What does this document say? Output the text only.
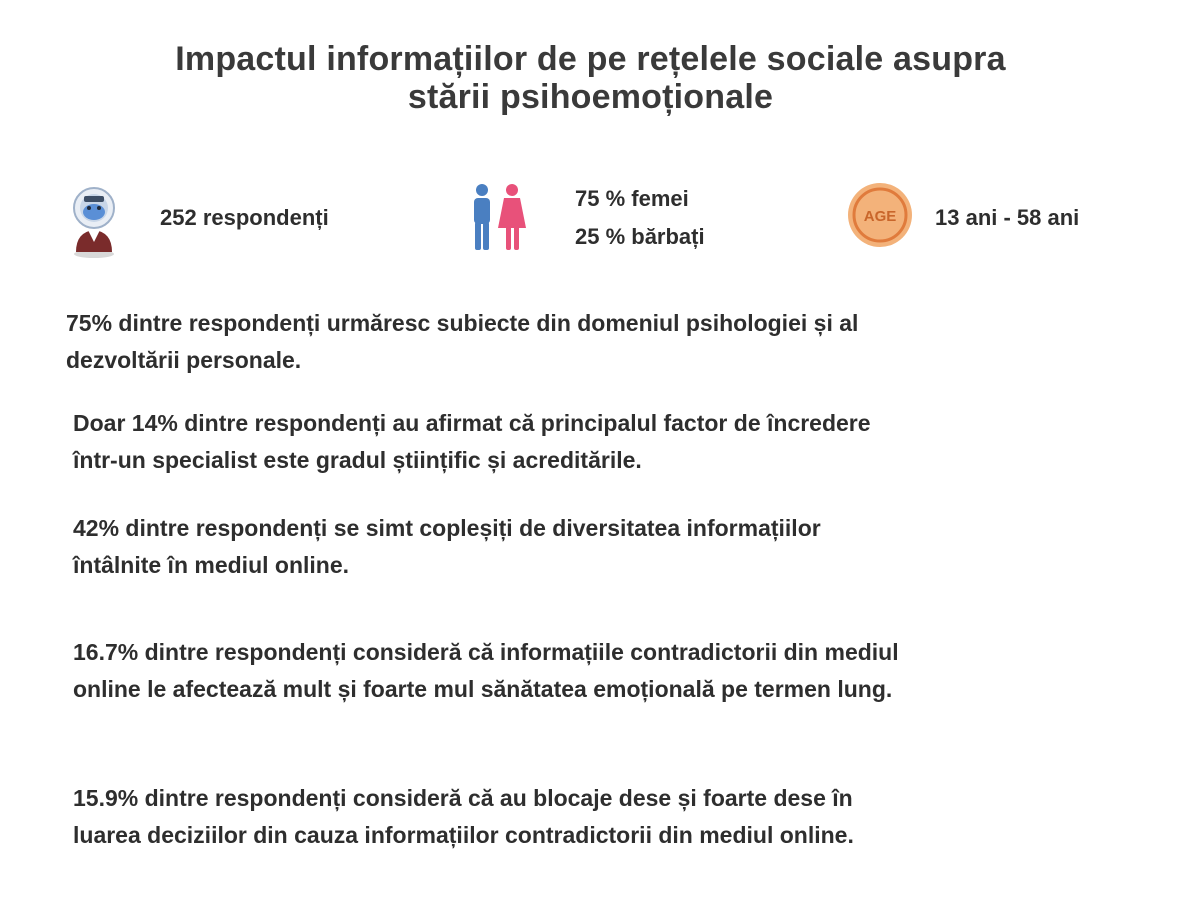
Impactul informațiilor de pe rețelele sociale asupra
stării psihoemoționale
252 respondenți
75 % femei
25 % bărbați
AGE 13 ani - 58 ani
75% dintre respondenți urmăresc subiecte din domeniul psihologiei și al
dezvoltării personale.
Doar 14% dintre respondenți au afirmat că principalul factor de încredere
într-un specialist este gradul științific și acreditările.
42% dintre respondenți se simt copleșiți de diversitatea informațiilor
întâlnite în mediul online.
16.7% dintre respondenți consideră că informațiile contradictorii din mediul
online le afectează mult și foarte mul sănătatea emoțională pe termen lung.
15.9% dintre respondenți consideră că au blocaje dese și foarte dese în
luarea deciziilor din cauza informațiilor contradictorii din mediul online.
